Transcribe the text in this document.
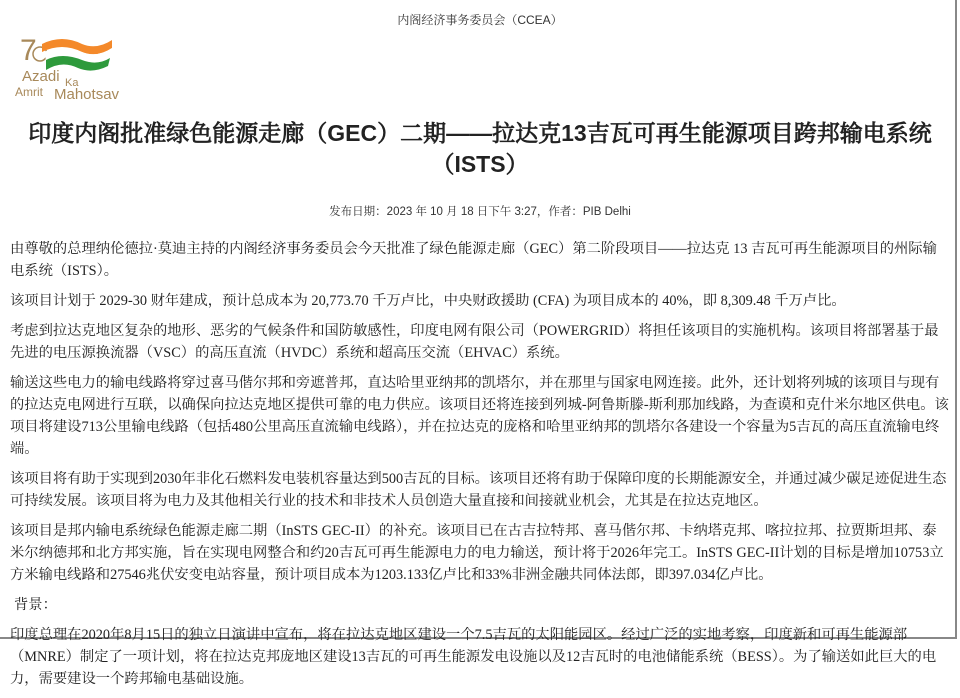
内阁经济事务委员会（CCEA）
7
Azadi Ka
Amrit Mahotsav
印度内阁批准绿色能源走廊（GEC）二期——拉达克13吉瓦可再生能源项目跨邦输电系统（ISTS）
发布日期：2023 年 10 月 18 日下午 3:27，作者：PIB Delhi

由尊敬的总理纳伦德拉·莫迪主持的内阁经济事务委员会今天批准了绿色能源走廊（GEC）第二阶段项目——拉达克 13 吉瓦可再生能源项目的州际输电系统（ISTS）。

该项目计划于 2029-30 财年建成，预计总成本为 20,773.70 千万卢比，中央财政援助 (CFA) 为项目成本的 40%，即 8,309.48 千万卢比。

考虑到拉达克地区复杂的地形、恶劣的气候条件和国防敏感性，印度电网有限公司（POWERGRID）将担任该项目的实施机构。该项目将部署基于最先进的电压源换流器（VSC）的高压直流（HVDC）系统和超高压交流（EHVAC）系统。

输送这些电力的输电线路将穿过喜马偕尔邦和旁遮普邦，直达哈里亚纳邦的凯塔尔，并在那里与国家电网连接。此外，还计划将列城的该项目与现有的拉达克电网进行互联，以确保向拉达克地区提供可靠的电力供应。该项目还将连接到列城-阿鲁斯滕-斯利那加线路，为查谟和克什米尔地区供电。该项目将建设713公里输电线路（包括480公里高压直流输电线路），并在拉达克的庞格和哈里亚纳邦的凯塔尔各建设一个容量为5吉瓦的高压直流输电终端。

该项目将有助于实现到2030年非化石燃料发电装机容量达到500吉瓦的目标。该项目还将有助于保障印度的长期能源安全，并通过减少碳足迹促进生态可持续发展。该项目将为电力及其他相关行业的技术和非技术人员创造大量直接和间接就业机会，尤其是在拉达克地区。

该项目是邦内输电系统绿色能源走廊二期（InSTS GEC-II）的补充。该项目已在古吉拉特邦、喜马偕尔邦、卡纳塔克邦、喀拉拉邦、拉贾斯坦邦、泰米尔纳德邦和北方邦实施，旨在实现电网整合和约20吉瓦可再生能源电力的电力输送，预计将于2026年完工。InSTS GEC-II计划的目标是增加10753立方米输电线路和27546兆伏安变电站容量，预计项目成本为1203.133亿卢比和33%非洲金融共同体法郎，即397.034亿卢比。

背景：

印度总理在2020年8月15日的独立日演讲中宣布，将在拉达克地区建设一个7.5吉瓦的太阳能园区。经过广泛的实地考察，印度新和可再生能源部（MNRE）制定了一项计划，将在拉达克邦庞地区建设13吉瓦的可再生能源发电设施以及12吉瓦时的电池储能系统（BESS）。为了输送如此巨大的电力，需要建设一个跨邦输电基础设施。
